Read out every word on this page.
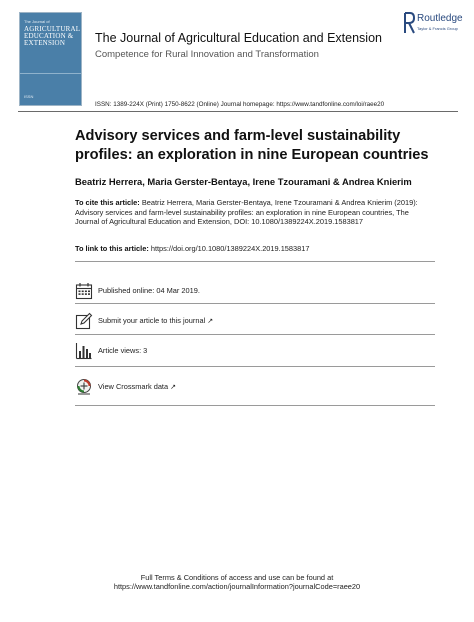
The Journal of
AGRICULTURAL EDUCATION & EXTENSION
ISSN
The Journal of Agricultural Education and Extension
Competence for Rural Innovation and Transformation
Routledge
Taylor & Francis Group
ISSN: 1389-224X (Print) 1750-8622 (Online) Journal homepage: https://www.tandfonline.com/loi/raee20
Advisory services and farm-level sustainability profiles: an exploration in nine European countries
Beatriz Herrera, Maria Gerster-Bentaya, Irene Tzouramani & Andrea Knierim
To cite this article: Beatriz Herrera, Maria Gerster-Bentaya, Irene Tzouramani & Andrea Knierim (2019): Advisory services and farm-level sustainability profiles: an exploration in nine European countries, The Journal of Agricultural Education and Extension, DOI: 10.1080/1389224X.2019.1583817
To link to this article: https://doi.org/10.1080/1389224X.2019.1583817
Published online: 04 Mar 2019.
Submit your article to this journal ↗
Article views: 3
View Crossmark data ↗
Full Terms & Conditions of access and use can be found at
https://www.tandfonline.com/action/journalInformation?journalCode=raee20
